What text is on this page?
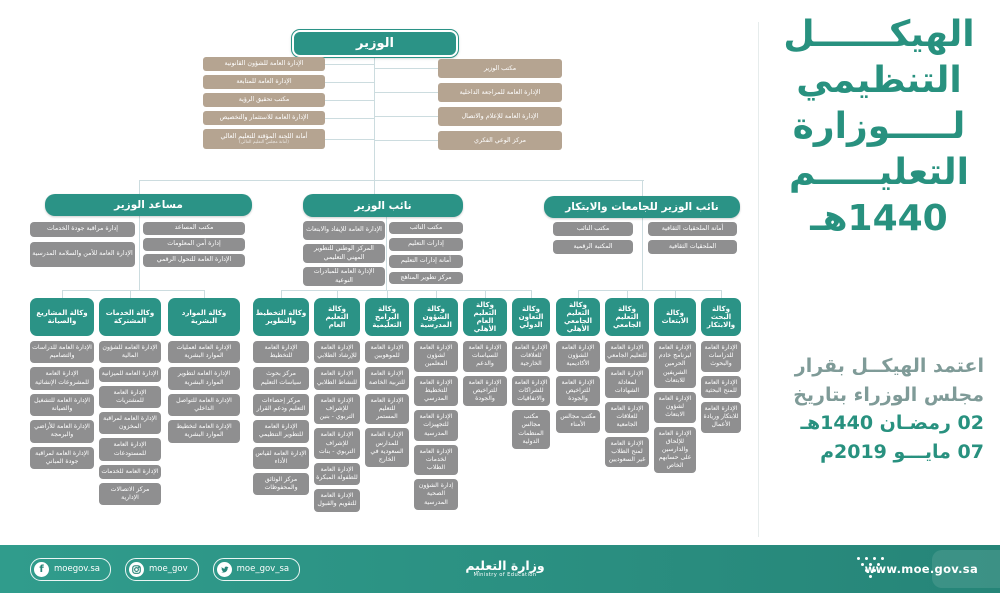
الوزير
الإدارة العامة للشؤون القانونية
الإدارة العامة للمتابعة
مكتب تحقيق الرؤية
الإدارة العامة للاستثمار والتخصيص
أمانة اللجنة المؤقتة للتعليم العالي
(أمانة مجلس التعليم العالي)
مكتب الوزير
الإدارة العامة للمراجعة الداخلية
الإدارة العامة للإعلام والاتصال
مركز الوعي الفكري
مساعد الوزير
إدارة مراقبة جودة الخدمات
الإدارة العامة للأمن والسلامة المدرسية
مكتب المساعد
إدارة أمن المعلومات
الإدارة العامة للتحول الرقمي
نائب الوزير
الإدارة العامة للإيفاد والابتعاث
المركز الوطني للتطوير المهني التعليمي
الإدارة العامة للمبادرات النوعية
مكتب النائب
إدارات التعليم
أمانة إدارات التعليم
مركز تطوير المناهج
نائب الوزير للجامعات والابتكار
مكتب النائب
المكتبة الرقمية
أمانة الملحقيات الثقافية
الملحقيات الثقافية
وكالة المشاريع والصيانة
الإدارة العامة للدراسات والتصاميم
الإدارة العامة للمشروعات الإنشائية
الإدارة العامة للتشغيل والصيانة
الإدارة العامة للأراضي والبرمجة
الإدارة العامة لمراقبة جودة المباني
وكالة الخدمات المشتركة
الإدارة العامة للشؤون المالية
الإدارة العامة للميزانية
الإدارة العامة للمشتريات
الإدارة العامة لمراقبة المخزون
الإدارة العامة للمستودعات
الإدارة العامة للخدمات
مركز الاتصالات الإدارية
وكالة الموارد البشرية
الإدارة العامة لعمليات الموارد البشرية
الإدارة العامة لتطوير الموارد البشرية
الإدارة العامة للتواصل الداخلي
الإدارة العامة لتخطيط الموارد البشرية
وكالة التخطيط والتطوير
الإدارة العامة للتخطيط
مركز بحوث سياسات التعليم
مركز إحصاءات التعليم ودعم القرار
الإدارة العامة للتطوير التنظيمي
الإدارة العامة لقياس الأداء
مركز الوثائق والمحفوظات
وكالة التعليم العام
الإدارة العامة للإرشاد الطلابي
الإدارة العامة للنشاط الطلابي
الإدارة العامة للإشراف التربوي - بنين
الإدارة العامة للإشراف التربوي - بنات
الإدارة العامة للطفولة المبكرة
الإدارة العامة للتقويم والقبول
وكالة البرامج التعليمية
الإدارة العامة للموهوبين
الإدارة العامة للتربية الخاصة
الإدارة العامة للتعليم المستمر
الإدارة العامة للمدارس السعودية في الخارج
وكالة الشؤون المدرسية
الإدارة العامة لشؤون المعلمين
الإدارة العامة للتخطيط المدرسي
الإدارة العامة للتجهيزات المدرسية
الإدارة العامة لخدمات الطلاب
إدارة الشؤون الصحية المدرسية
وكالة التعليم العام الأهلي
الإدارة العامة للسياسات والدعم
الإدارة العامة للتراخيص والجودة
وكالة التعاون الدولي
الإدارة العامة للعلاقات الخارجية
الإدارة العامة للشراكات والاتفاقيات
مكتب مجالس المنظمات الدولية
وكالة التعليم الجامعي الأهلي
الإدارة العامة للشؤون الأكاديمية
الإدارة العامة للتراخيص والجودة
مكتب مجالس الأمناء
وكالة التعليم الجامعي
الإدارة العامة للتعليم الجامعي
الإدارة العامة لمعادلة الشهادات
الإدارة العامة للعلاقات الجامعية
الإدارة العامة لمنح الطلاب غير السعوديين
وكالة الابتعاث
الإدارة العامة لبرنامج خادم الحرمين الشريفين للابتعاث
الإدارة العامة لشؤون الابتعاث
الإدارة العامة للإلحاق والدارسين على حسابهم الخاص
وكالة البحث والابتكار
الإدارة العامة للدراسات والبحوث
الإدارة العامة للمنح البحثية
الإدارة العامة للابتكار وريادة الأعمال
الهيكــــــل
التنظيمي
لـــــوزارة
التعليـــــم
1440هـ
اعتمد الهيكــل بقرار
مجلس الوزراء بتاريخ
02 رمضـان 1440هـ
07 مايـــو 2019م
f	moegov.sa	moe_gov	moe_gov_sa	وزارة التعليم
Ministry of Education	www.moe.gov.sa
